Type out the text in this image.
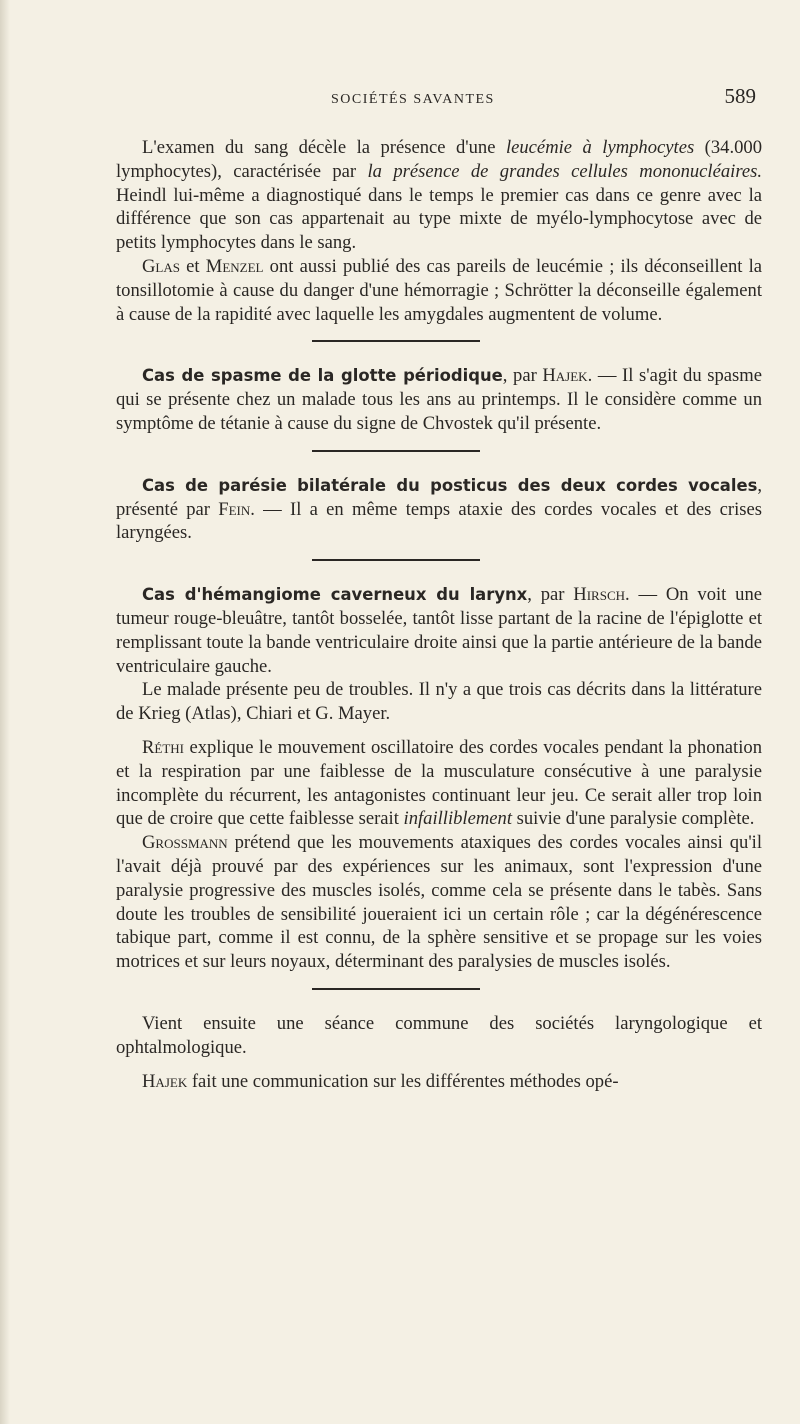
SOCIÉTÉS SAVANTES	589

L'examen du sang décèle la présence d'une leucémie à lymphocytes (34.000 lymphocytes), caractérisée par la présence de grandes cellules mononucléaires. Heindl lui-même a diagnostiqué dans le temps le premier cas dans ce genre avec la différence que son cas appartenait au type mixte de myélo-lymphocytose avec de petits lymphocytes dans le sang.

Glas et Menzel ont aussi publié des cas pareils de leucémie ; ils déconseillent la tonsillotomie à cause du danger d'une hémorragie ; Schrötter la déconseille également à cause de la rapidité avec laquelle les amygdales augmentent de volume.

Cas de spasme de la glotte périodique, par Hajek. — Il s'agit du spasme qui se présente chez un malade tous les ans au printemps. Il le considère comme un symptôme de tétanie à cause du signe de Chvostek qu'il présente.

Cas de parésie bilatérale du posticus des deux cordes vocales, présenté par Fein. — Il a en même temps ataxie des cordes vocales et des crises laryngées.

Cas d'hémangiome caverneux du larynx, par Hirsch. — On voit une tumeur rouge-bleuâtre, tantôt bosselée, tantôt lisse partant de la racine de l'épiglotte et remplissant toute la bande ventriculaire droite ainsi que la partie antérieure de la bande ventriculaire gauche.

Le malade présente peu de troubles. Il n'y a que trois cas décrits dans la littérature de Krieg (Atlas), Chiari et G. Mayer.

Réthi explique le mouvement oscillatoire des cordes vocales pendant la phonation et la respiration par une faiblesse de la musculature consécutive à une paralysie incomplète du récurrent, les antagonistes continuant leur jeu. Ce serait aller trop loin que de croire que cette faiblesse serait infailliblement suivie d'une paralysie complète.

Grossmann prétend que les mouvements ataxiques des cordes vocales ainsi qu'il l'avait déjà prouvé par des expériences sur les animaux, sont l'expression d'une paralysie progressive des muscles isolés, comme cela se présente dans le tabès. Sans doute les troubles de sensibilité joueraient ici un certain rôle ; car la dégénérescence tabique part, comme il est connu, de la sphère sensitive et se propage sur les voies motrices et sur leurs noyaux, déterminant des paralysies de muscles isolés.

Vient ensuite une séance commune des sociétés laryngologique et ophtalmologique.

Hajek fait une communication sur les différentes méthodes opé-
